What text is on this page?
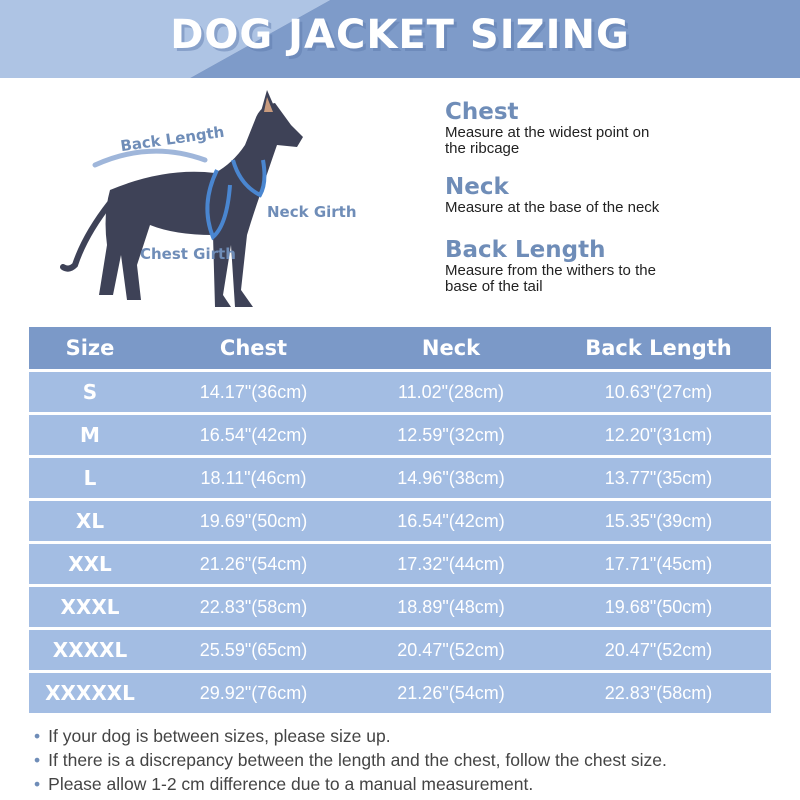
DOG JACKET SIZING
Back Length
Neck Girth
Chest Girth
Chest

Measure at the widest point on

the ribcage

Neck

Measure at the base of the neck

Back Length

Measure from the withers to the

base of the tail

Size	Chest	Neck	Back Length
S	14.17"(36cm)	11.02"(28cm)	10.63"(27cm)
M	16.54"(42cm)	12.59"(32cm)	12.20"(31cm)
L	18.11"(46cm)	14.96"(38cm)	13.77"(35cm)
XL	19.69"(50cm)	16.54"(42cm)	15.35"(39cm)
XXL	21.26"(54cm)	17.32"(44cm)	17.71"(45cm)
XXXL	22.83"(58cm)	18.89"(48cm)	19.68"(50cm)
XXXXL	25.59"(65cm)	20.47"(52cm)	20.47"(52cm)
XXXXXL	29.92"(76cm)	21.26"(54cm)	22.83"(58cm)
• If your dog is between sizes, please size up.
• If there is a discrepancy between the length and the chest, follow the chest size.
• Please allow 1-2 cm difference due to a manual measurement.
